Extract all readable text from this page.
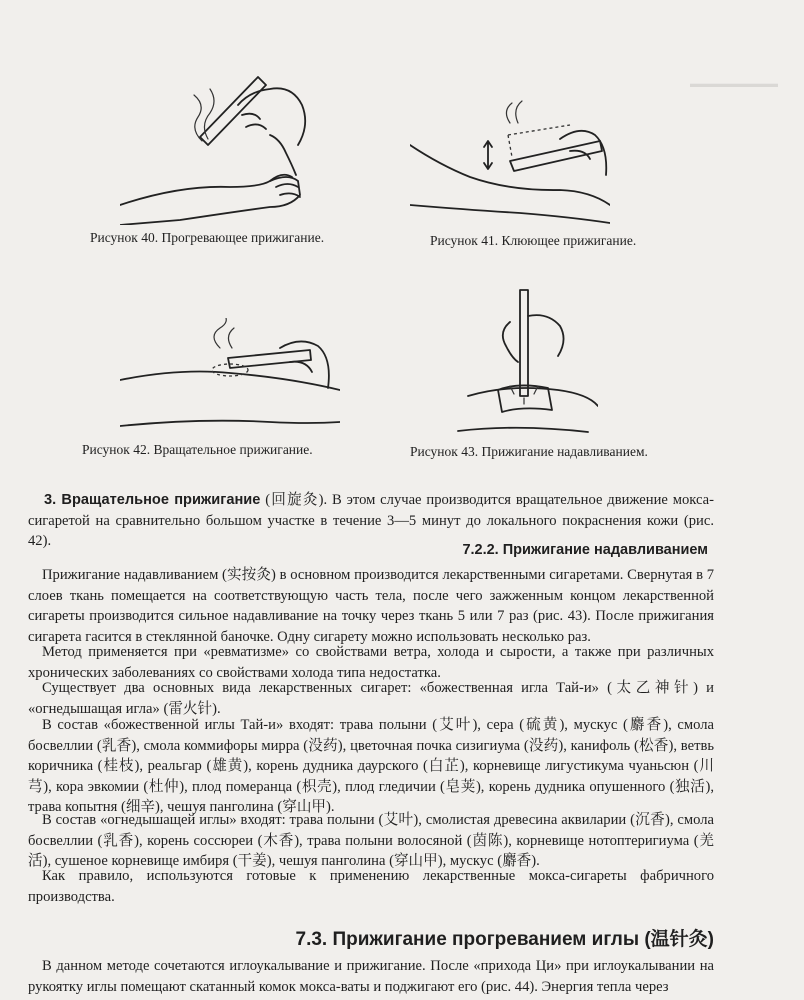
▬▬▬▬▬▬▬▬
Рисунок 40. Прогревающее прижигание.	Рисунок 41. Клюющее прижигание.
Рисунок 42. Вращательное прижигание.	Рисунок 43. Прижигание надавливанием.
3. Вращательное прижигание (回旋灸). В этом случае производится вращательное движение мокса-сигаретой на сравнительно большом участке в течение 3—5 минут до локального покраснения кожи (рис. 42).
7.2.2. Прижигание надавливанием
Прижигание надавливанием (实按灸) в основном производится лекарственными сигаретами. Свернутая в 7 слоев ткань помещается на соответствующую часть тела, после чего зажженным концом лекарственной сигареты производится сильное надавливание на точку через ткань 5 или 7 раз (рис. 43). После прижигания сигарета гасится в стеклянной баночке. Одну сигарету можно использовать несколько раз.
Метод применяется при «ревматизме» со свойствами ветра, холода и сырости, а также при различных хронических заболеваниях со свойствами холода типа недостатка.
Существует два основных вида лекарственных сигарет: «божественная игла Тай-и» (太乙神针) и «огнедышащая игла» (雷火针).
В состав «божественной иглы Тай-и» входят: трава полыни (艾叶), сера (硫黄), мускус (麝香), смола босвеллии (乳香), смола коммифоры мирра (没药), цветочная почка сизигиума (没药), канифоль (松香), ветвь коричника (桂枝), реальгар (雄黄), корень дудника даурского (白芷), корневище лигустикума чуаньсюн (川芎), кора эвкомии (杜仲), плод померанца (枳壳), плод гледичии (皂荚), корень дудника опушенного (独活), трава копытня (细辛), чешуя панголина (穿山甲).
В состав «огнедышащей иглы» входят: трава полыни (艾叶), смолистая древесина аквиларии (沉香), смола босвеллии (乳香), корень соссюреи (木香), трава полыни волосяной (茵陈), корневище нотоптеригиума (羌活), сушеное корневище имбиря (干姜), чешуя панголина (穿山甲), мускус (麝香).
Как правило, используются готовые к применению лекарственные мокса-сигареты фабричного производства.
7.3. Прижигание прогреванием иглы (温针灸)
В данном методе сочетаются иглоукалывание и прижигание. После «прихода Ци» при иглоукалывании на рукоятку иглы помещают скатанный комок мокса-ваты и поджигают его (рис. 44). Энергия тепла через
